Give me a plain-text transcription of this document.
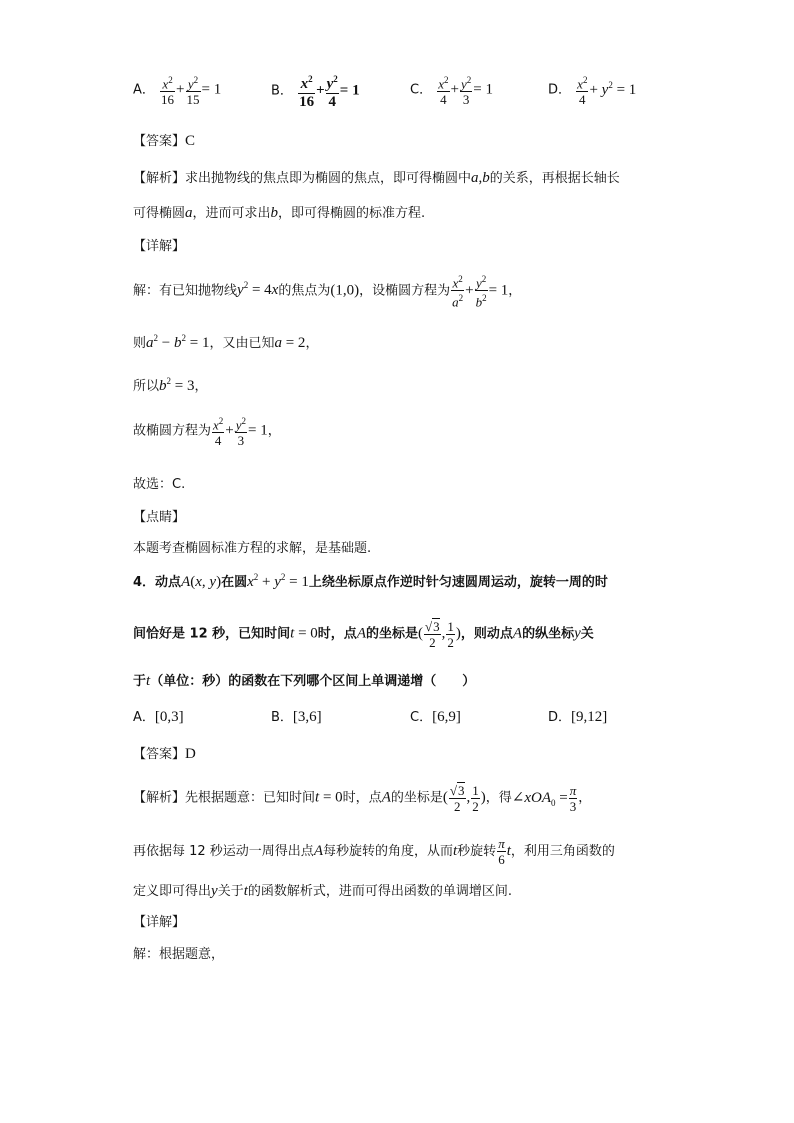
A． $\frac{x^2}{16} + \frac{y^2}{15} = 1$	B． $\frac{x^2}{16} + \frac{y^2}{4} = 1$	C． $\frac{x^2}{4} + \frac{y^2}{3} = 1$	D． $\frac{x^2}{4} + y^2 = 1$
【答案】C
【解析】求出抛物线的焦点即为椭圆的焦点，即可得椭圆中a,b的关系，再根据长轴长
可得椭圆a，进而可求出b，即可得椭圆的标准方程.
【详解】
解：有已知抛物线$y^2 = 4x$的焦点为(1,0)，设椭圆方程为 $\frac{x^2}{a^2} + \frac{y^2}{b^2} = 1$，
则$a^2 - b^2 = 1$，又由已知a = 2，
所以$b^2 = 3$，
故椭圆方程为 $\frac{x^2}{4} + \frac{y^2}{3} = 1$，
故选：C.
【点睛】
本题考查椭圆标准方程的求解，是基础题.
4．动点A(x, y)在圆$x^2 + y^2 = 1$上绕坐标原点作逆时针匀速圆周运动，旋转一周的时
间恰好是 12 秒，已知时间t = 0时，点A的坐标是( $\frac{√3}{2}$ , $\frac{1}{2}$ )，则动点A的纵坐标y关
于t（单位：秒）的函数在下列哪个区间上单调递增（　　）
A．[0,3]	B．[3,6]	C．[6,9]	D．[9,12]
【答案】D
【解析】先根据题意：已知时间t = 0时，点A的坐标是( $\frac{√3}{2}$ , $\frac{1}{2}$ )，得∠xOA$_0$ = $\frac{\pi}{3}$ ，
再依据每 12 秒运动一周得出点A每秒旋转的角度，从而t秒旋转 $\frac{\pi}{6}$ t，利用三角函数的
定义即可得出y关于t的函数解析式，进而可得出函数的单调增区间.
【详解】
解：根据题意，
